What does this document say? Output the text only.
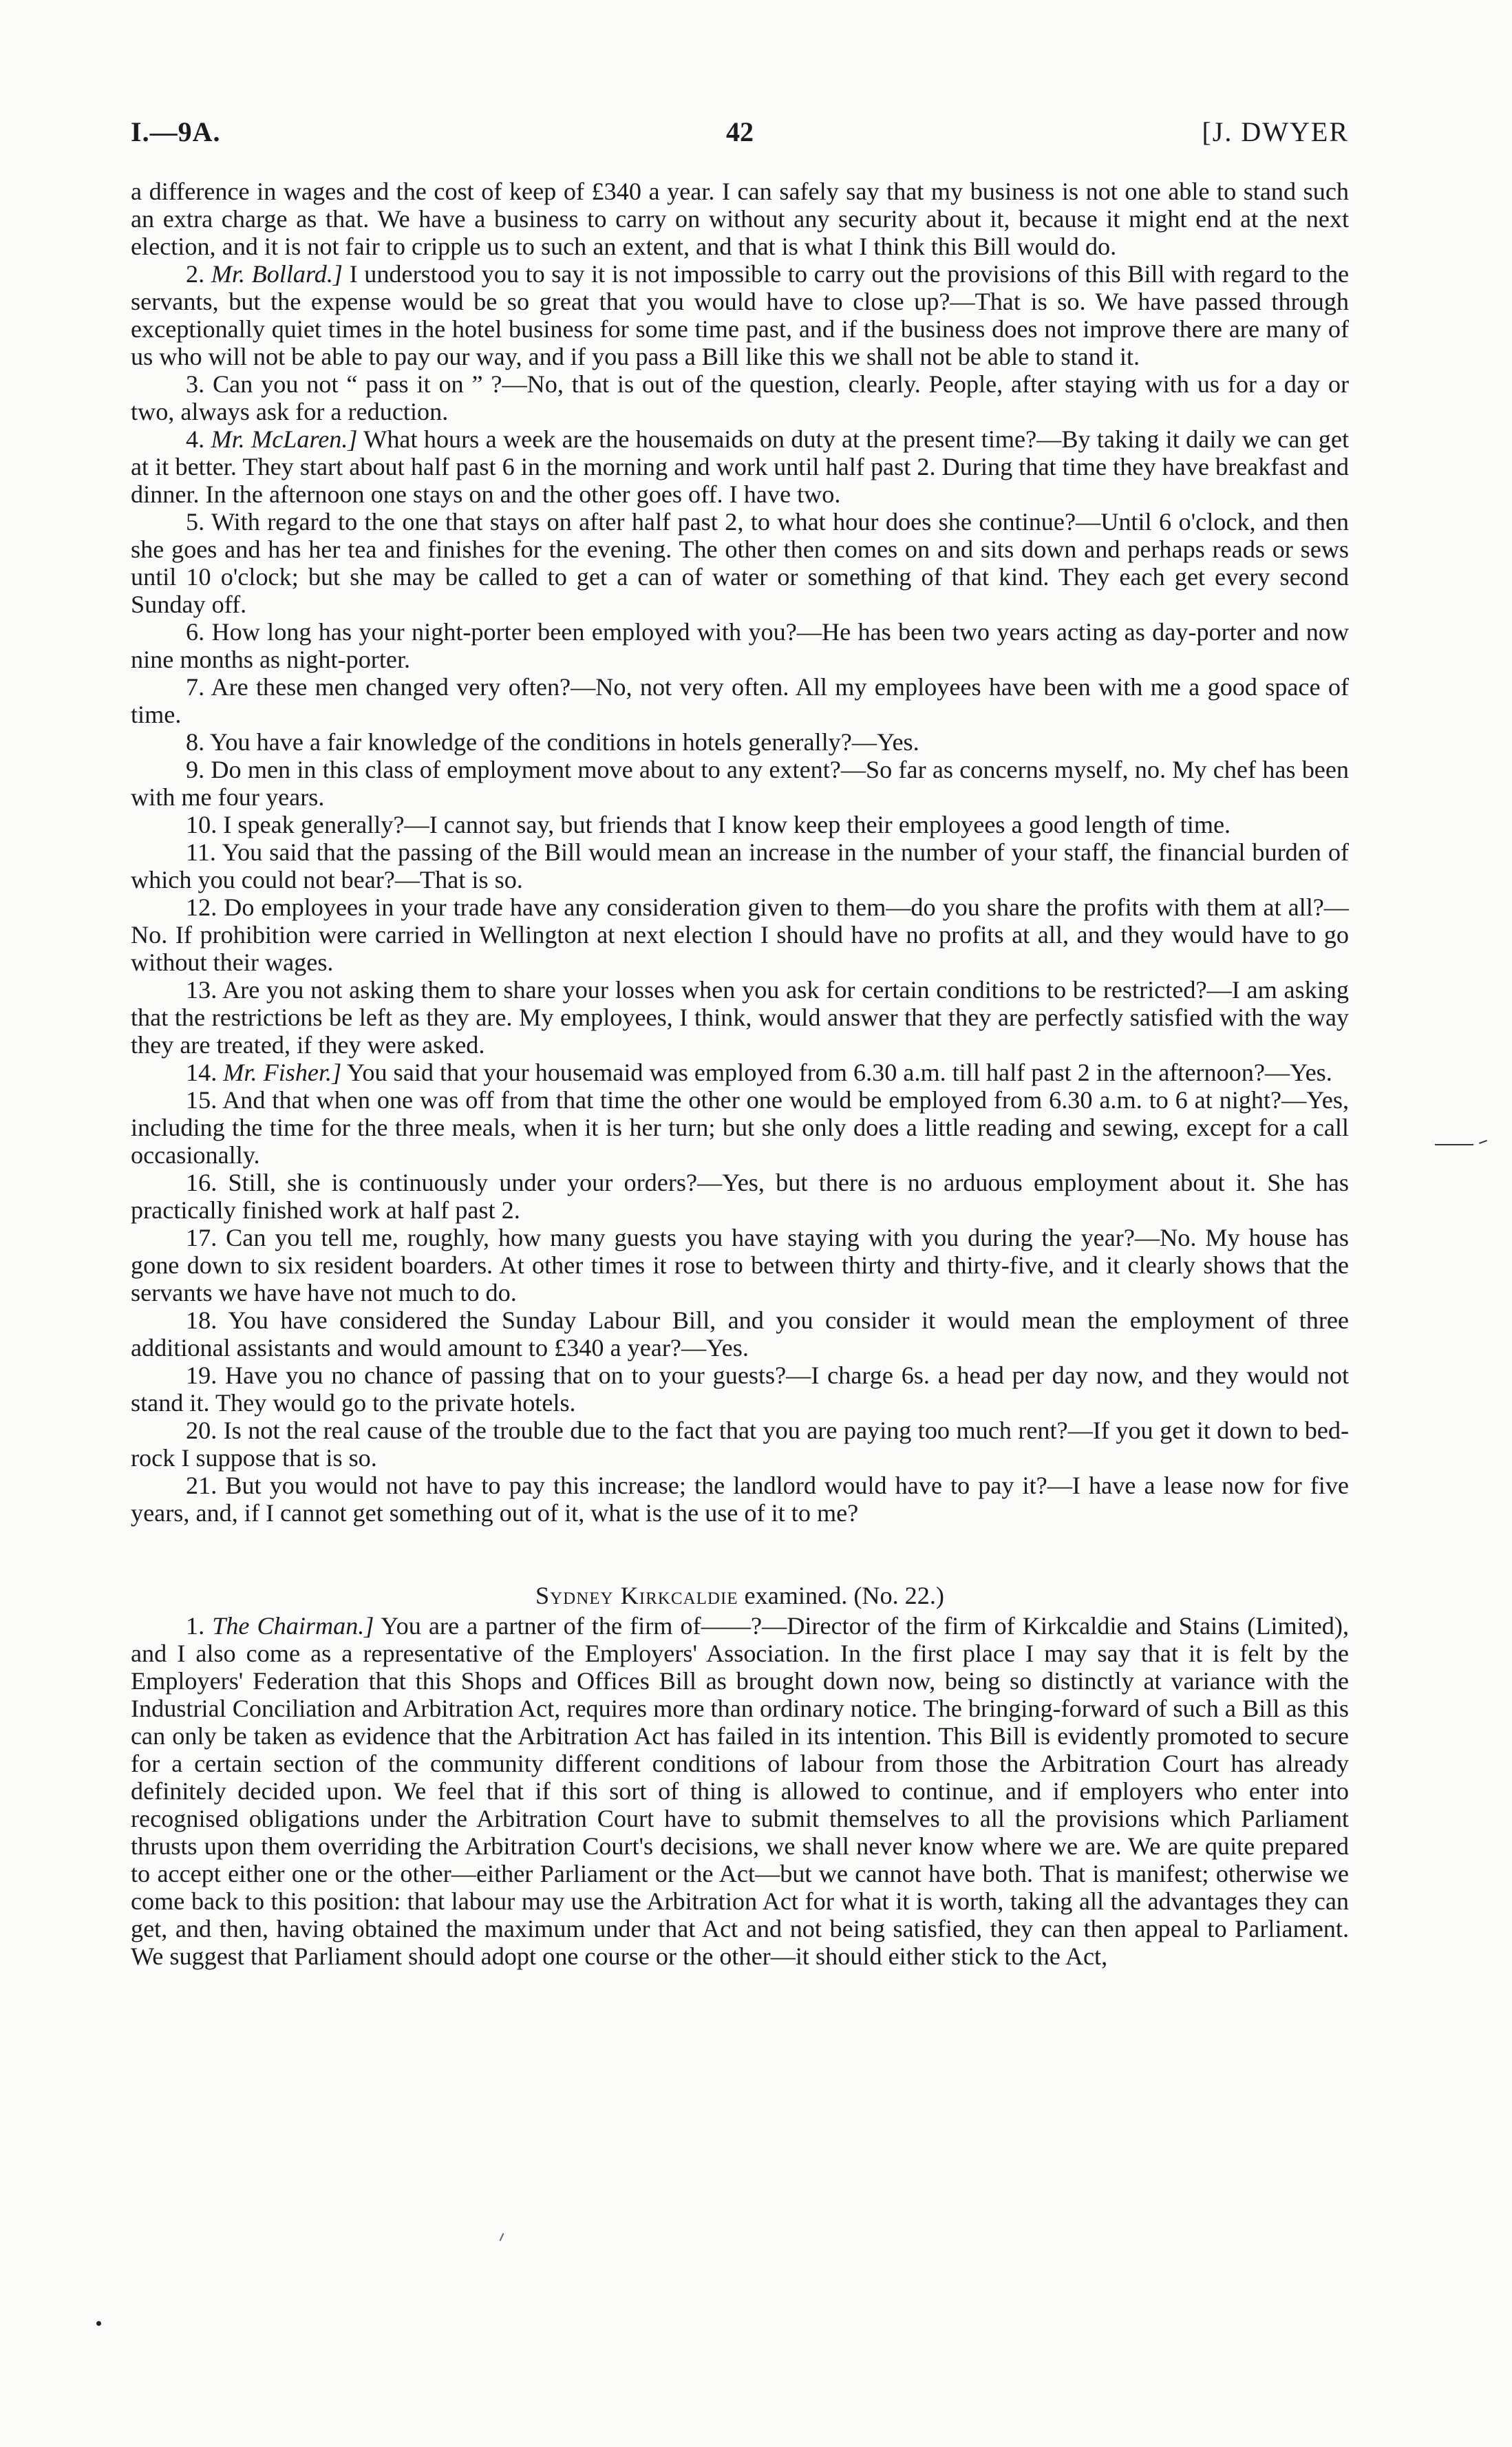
I.—9A.	42	[J. DWYER

a difference in wages and the cost of keep of £340 a year. I can safely say that my business is not one able to stand such an extra charge as that. We have a business to carry on without any security about it, because it might end at the next election, and it is not fair to cripple us to such an extent, and that is what I think this Bill would do.

2. Mr. Bollard.] I understood you to say it is not impossible to carry out the provisions of this Bill with regard to the servants, but the expense would be so great that you would have to close up?—That is so. We have passed through exceptionally quiet times in the hotel business for some time past, and if the business does not improve there are many of us who will not be able to pay our way, and if you pass a Bill like this we shall not be able to stand it.

3. Can you not “ pass it on ” ?—No, that is out of the question, clearly. People, after staying with us for a day or two, always ask for a reduction.

4. Mr. McLaren.] What hours a week are the housemaids on duty at the present time?—By taking it daily we can get at it better. They start about half past 6 in the morning and work until half past 2. During that time they have breakfast and dinner. In the afternoon one stays on and the other goes off. I have two.

5. With regard to the one that stays on after half past 2, to what hour does she continue?—Until 6 o'clock, and then she goes and has her tea and finishes for the evening. The other then comes on and sits down and perhaps reads or sews until 10 o'clock; but she may be called to get a can of water or something of that kind. They each get every second Sunday off.

6. How long has your night-porter been employed with you?—He has been two years acting as day-porter and now nine months as night-porter.

7. Are these men changed very often?—No, not very often. All my employees have been with me a good space of time.

8. You have a fair knowledge of the conditions in hotels generally?—Yes.

9. Do men in this class of employment move about to any extent?—So far as concerns myself, no. My chef has been with me four years.

10. I speak generally?—I cannot say, but friends that I know keep their employees a good length of time.

11. You said that the passing of the Bill would mean an increase in the number of your staff, the financial burden of which you could not bear?—That is so.

12. Do employees in your trade have any consideration given to them—do you share the profits with them at all?—No. If prohibition were carried in Wellington at next election I should have no profits at all, and they would have to go without their wages.

13. Are you not asking them to share your losses when you ask for certain conditions to be restricted?—I am asking that the restrictions be left as they are. My employees, I think, would answer that they are perfectly satisfied with the way they are treated, if they were asked.

14. Mr. Fisher.] You said that your housemaid was employed from 6.30 a.m. till half past 2 in the afternoon?—Yes.

15. And that when one was off from that time the other one would be employed from 6.30 a.m. to 6 at night?—Yes, including the time for the three meals, when it is her turn; but she only does a little reading and sewing, except for a call occasionally.

16. Still, she is continuously under your orders?—Yes, but there is no arduous employment about it. She has practically finished work at half past 2.

17. Can you tell me, roughly, how many guests you have staying with you during the year?—No. My house has gone down to six resident boarders. At other times it rose to between thirty and thirty-five, and it clearly shows that the servants we have have not much to do.

18. You have considered the Sunday Labour Bill, and you consider it would mean the employment of three additional assistants and would amount to £340 a year?—Yes.

19. Have you no chance of passing that on to your guests?—I charge 6s. a head per day now, and they would not stand it. They would go to the private hotels.

20. Is not the real cause of the trouble due to the fact that you are paying too much rent?—If you get it down to bed-rock I suppose that is so.

21. But you would not have to pay this increase; the landlord would have to pay it?—I have a lease now for five years, and, if I cannot get something out of it, what is the use of it to me?

Sydney Kirkcaldie examined. (No. 22.)

1. The Chairman.] You are a partner of the firm of——?—Director of the firm of Kirkcaldie and Stains (Limited), and I also come as a representative of the Employers' Association. In the first place I may say that it is felt by the Employers' Federation that this Shops and Offices Bill as brought down now, being so distinctly at variance with the Industrial Conciliation and Arbitration Act, requires more than ordinary notice. The bringing-forward of such a Bill as this can only be taken as evidence that the Arbitration Act has failed in its intention. This Bill is evidently promoted to secure for a certain section of the community different conditions of labour from those the Arbitration Court has already definitely decided upon. We feel that if this sort of thing is allowed to continue, and if employers who enter into recognised obligations under the Arbitration Court have to submit themselves to all the provisions which Parliament thrusts upon them overriding the Arbitration Court's decisions, we shall never know where we are. We are quite prepared to accept either one or the other—either Parliament or the Act—but we cannot have both. That is manifest; otherwise we come back to this position: that labour may use the Arbitration Act for what it is worth, taking all the advantages they can get, and then, having obtained the maximum under that Act and not being satisfied, they can then appeal to Parliament. We suggest that Parliament should adopt one course or the other—it should either stick to the Act,
